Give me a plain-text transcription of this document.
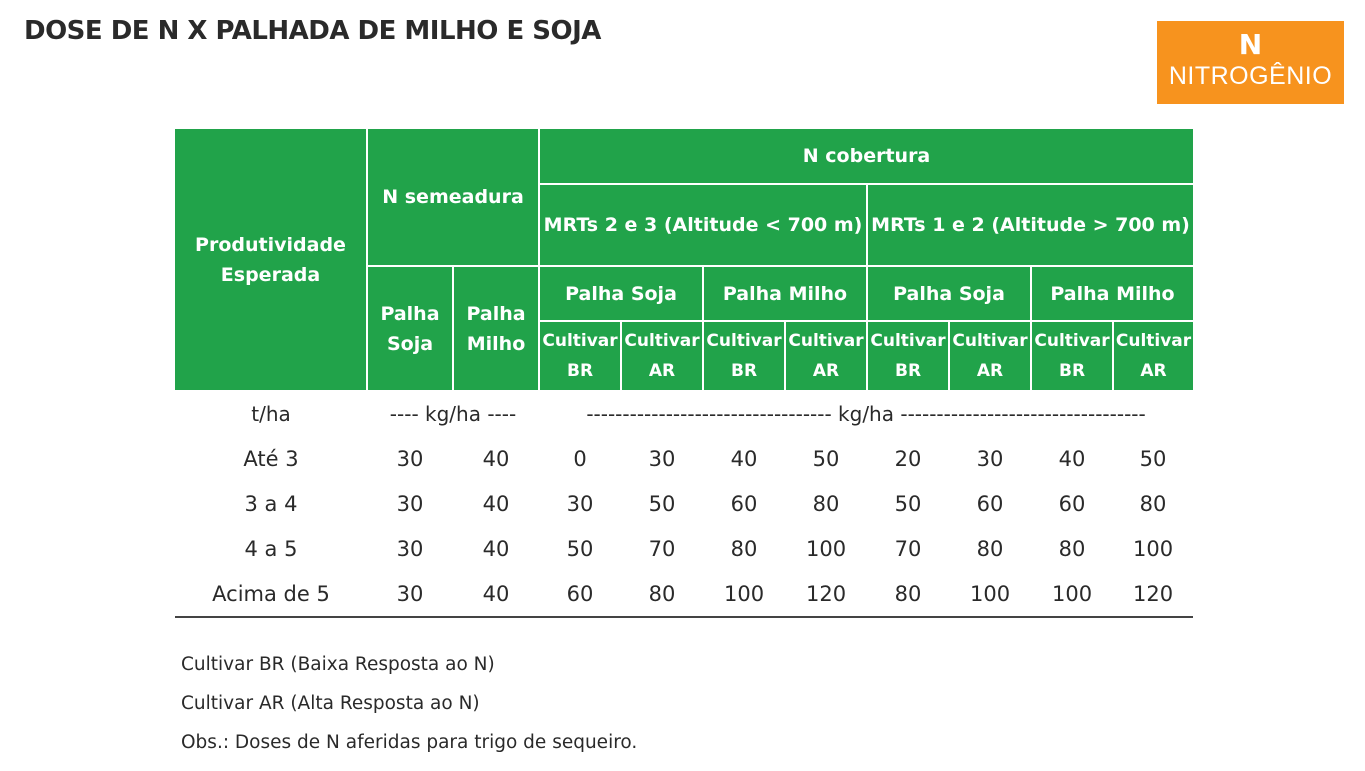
DOSE DE N X PALHADA DE MILHO E SOJA	N
NITROGÊNIO
Produtividade Esperada	N semeadura		N cobertura							
			MRTs 2 e 3 (Altitude < 700 m)				MRTs 1 e 2 (Altitude > 700 m)			
	Palha Soja	Palha Milho	Palha Soja		Palha Milho		Palha Soja		Palha Milho	
			Cultivar BR	Cultivar AR	Cultivar BR	Cultivar AR	Cultivar BR	Cultivar AR	Cultivar BR	Cultivar AR
t/ha	---- kg/ha ----		---------------------------------- kg/ha ----------------------------------							
Até 3	30	40	0	30	40	50	20	30	40	50
3 a 4	30	40	30	50	60	80	50	60	60	80
4 a 5	30	40	50	70	80	100	70	80	80	100
Acima de 5	30	40	60	80	100	120	80	100	100	120
Cultivar BR (Baixa Resposta ao N)
Cultivar AR (Alta Resposta ao N)
Obs.: Doses de N aferidas para trigo de sequeiro.
